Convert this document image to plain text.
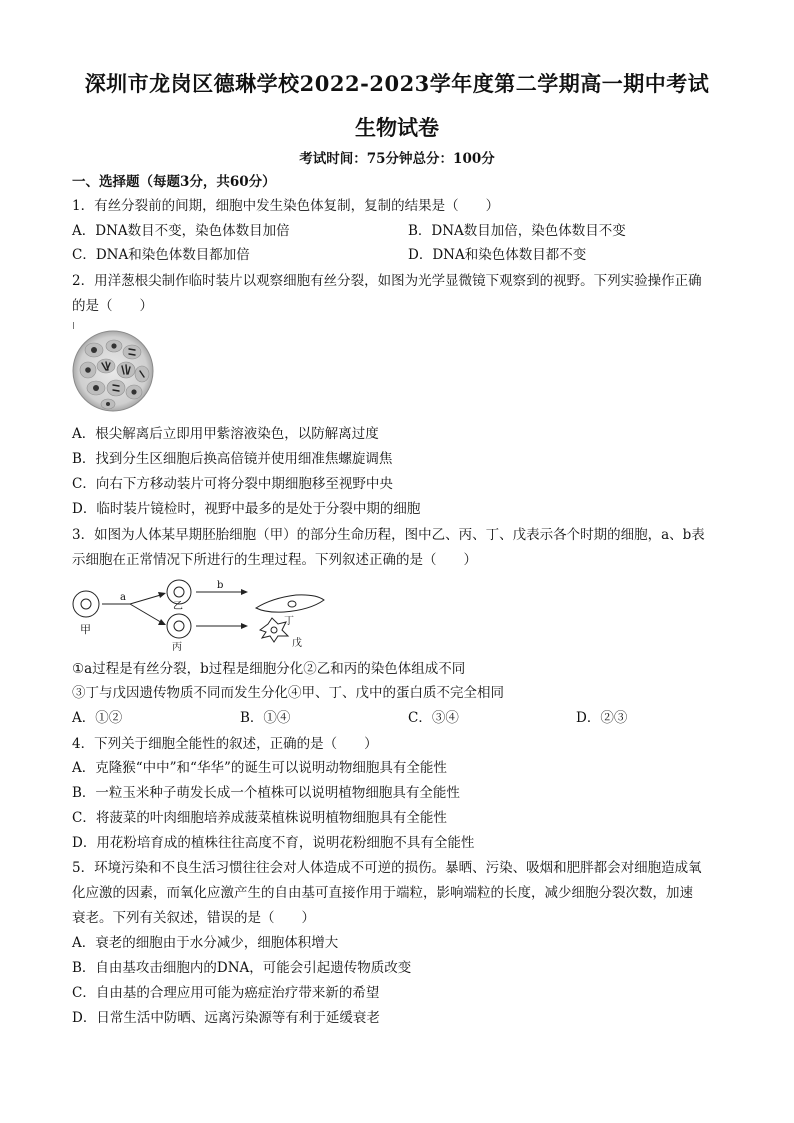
深圳市龙岗区德琳学校2022-2023学年度第二学期高一期中考试
生物试卷
考试时间：75分钟总分：100分
一、选择题（每题3分，共60分）
1．有丝分裂前的间期，细胞中发生染色体复制，复制的结果是（　　）
A．DNA数目不变，染色体数目加倍	B．DNA数目加倍，染色体数目不变
C．DNA和染色体数目都加倍	D．DNA和染色体数目都不变
2．用洋葱根尖制作临时装片以观察细胞有丝分裂，如图为光学显微镜下观察到的视野。下列实验操作正确
的是（　　）
A．根尖解离后立即用甲紫溶液染色，以防解离过度
B．找到分生区细胞后换高倍镜并使用细准焦螺旋调焦
C．向右下方移动装片可将分裂中期细胞移至视野中央
D．临时装片镜检时，视野中最多的是处于分裂中期的细胞
3．如图为人体某早期胚胎细胞（甲）的部分生命历程，图中乙、丙、丁、戊表示各个时期的细胞，a、b表
示细胞在正常情况下所进行的生理过程。下列叙述正确的是（　　）
甲
乙
丙
丁
戊
a
b
①a过程是有丝分裂，b过程是细胞分化②乙和丙的染色体组成不同
③丁与戊因遗传物质不同而发生分化④甲、丁、戊中的蛋白质不完全相同
A．①②	B．①④	C．③④	D．②③
4．下列关于细胞全能性的叙述，正确的是（　　）
A．克隆猴“中中”和“华华”的诞生可以说明动物细胞具有全能性
B．一粒玉米种子萌发长成一个植株可以说明植物细胞具有全能性
C．将菠菜的叶肉细胞培养成菠菜植株说明植物细胞具有全能性
D．用花粉培育成的植株往往高度不育，说明花粉细胞不具有全能性
5．环境污染和不良生活习惯往往会对人体造成不可逆的损伤。暴晒、污染、吸烟和肥胖都会对细胞造成氧
化应激的因素，而氧化应激产生的自由基可直接作用于端粒，影响端粒的长度，减少细胞分裂次数，加速
衰老。下列有关叙述，错误的是（　　）
A．衰老的细胞由于水分减少，细胞体积增大
B．自由基攻击细胞内的DNA，可能会引起遗传物质改变
C．自由基的合理应用可能为癌症治疗带来新的希望
D．日常生活中防晒、远离污染源等有利于延缓衰老
